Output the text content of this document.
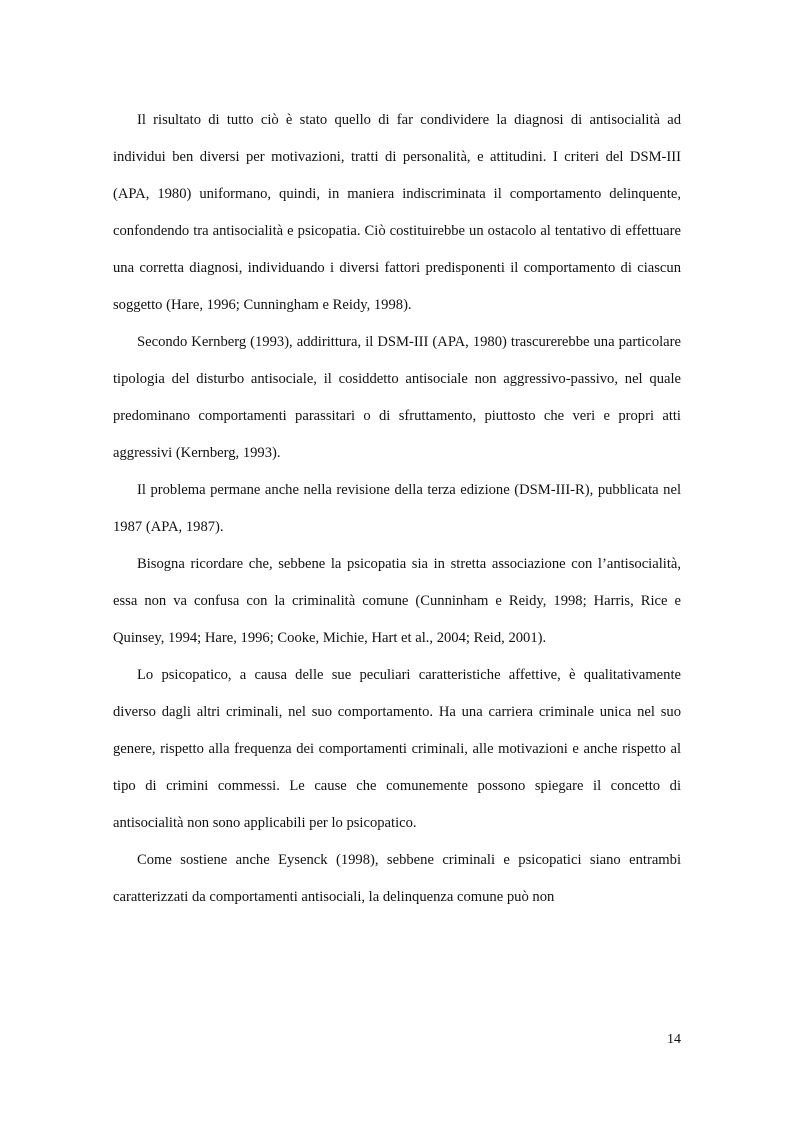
Il risultato di tutto ciò è stato quello di far condividere la diagnosi di antisocialità ad individui ben diversi per motivazioni, tratti di personalità, e attitudini. I criteri del DSM-III (APA, 1980) uniformano, quindi, in maniera indiscriminata il comportamento delinquente, confondendo tra antisocialità e psicopatia. Ciò costituirebbe un ostacolo al tentativo di effettuare una corretta diagnosi, individuando i diversi fattori predisponenti il comportamento di ciascun soggetto (Hare, 1996; Cunningham e Reidy, 1998).

Secondo Kernberg (1993), addirittura, il DSM-III (APA, 1980) trascurerebbe una particolare tipologia del disturbo antisociale, il cosiddetto antisociale non aggressivo-passivo, nel quale predominano comportamenti parassitari o di sfruttamento, piuttosto che veri e propri atti aggressivi (Kernberg, 1993).

Il problema permane anche nella revisione della terza edizione (DSM-III-R), pubblicata nel 1987 (APA, 1987).

Bisogna ricordare che, sebbene la psicopatia sia in stretta associazione con l’antisocialità, essa non va confusa con la criminalità comune (Cunninham e Reidy, 1998; Harris, Rice e Quinsey, 1994; Hare, 1996; Cooke, Michie, Hart et al., 2004; Reid, 2001).

Lo psicopatico, a causa delle sue peculiari caratteristiche affettive, è qualitativamente diverso dagli altri criminali, nel suo comportamento. Ha una carriera criminale unica nel suo genere, rispetto alla frequenza dei comportamenti criminali, alle motivazioni e anche rispetto al tipo di crimini commessi. Le cause che comunemente possono spiegare il concetto di antisocialità non sono applicabili per lo psicopatico.

Come sostiene anche Eysenck (1998), sebbene criminali e psicopatici siano entrambi caratterizzati da comportamenti antisociali, la delinquenza comune può non

14
